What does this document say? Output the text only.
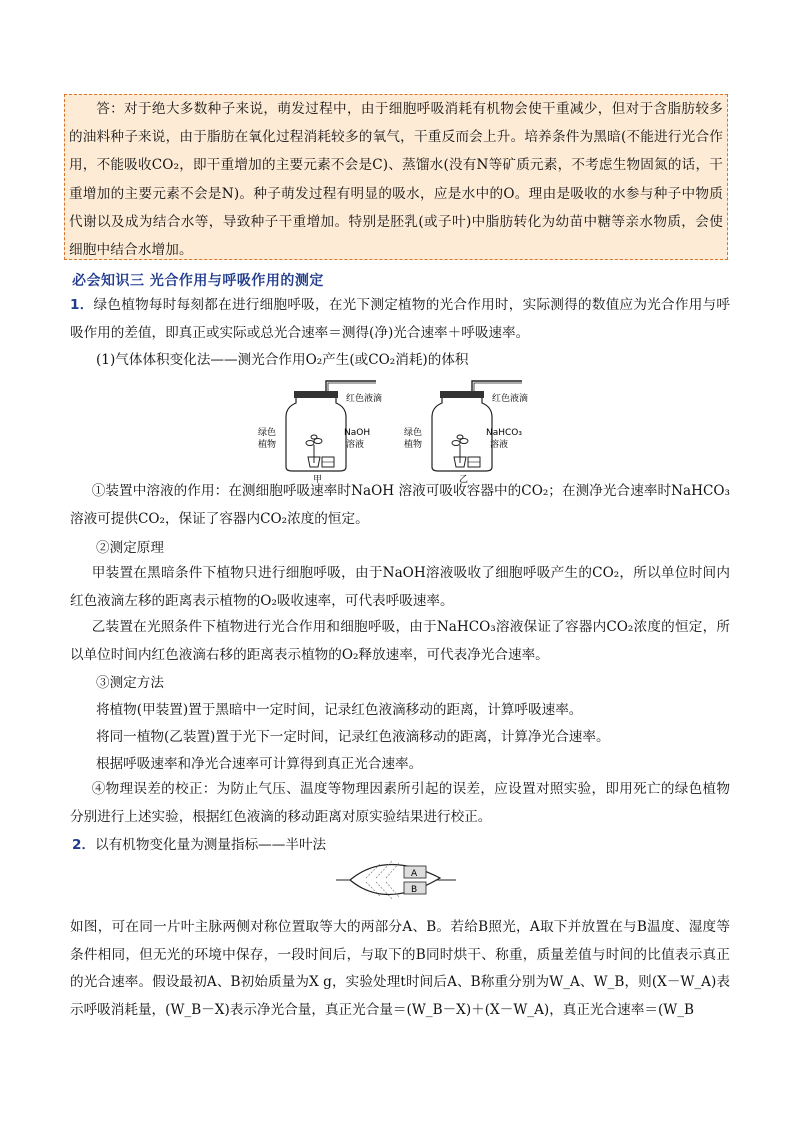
答：对于绝大多数种子来说，萌发过程中，由于细胞呼吸消耗有机物会使干重减少，但对于含脂肪较多的油料种子来说，由于脂肪在氧化过程消耗较多的氧气，干重反而会上升。培养条件为黑暗(不能进行光合作用，不能吸收CO₂，即干重增加的主要元素不会是C)、蒸馏水(没有N等矿质元素，不考虑生物固氮的话，干重增加的主要元素不会是N)。种子萌发过程有明显的吸水，应是水中的O。理由是吸收的水参与种子中物质代谢以及成为结合水等，导致种子干重增加。特别是胚乳(或子叶)中脂肪转化为幼苗中糖等亲水物质，会使细胞中结合水增加。

必会知识三 光合作用与呼吸作用的测定
1．绿色植物每时每刻都在进行细胞呼吸，在光下测定植物的光合作用时，实际测得的数值应为光合作用与呼吸作用的差值，即真正或实际或总光合速率＝测得(净)光合速率＋呼吸速率。
(1)气体体积变化法——测光合作用O₂产生(或CO₂消耗)的体积
红色液滴
绿色
植物
NaOH
溶液
甲
红色液滴
绿色
植物
NaHCO₃
溶液
乙
①装置中溶液的作用：在测细胞呼吸速率时NaOH 溶液可吸收容器中的CO₂；在测净光合速率时NaHCO₃溶液可提供CO₂，保证了容器内CO₂浓度的恒定。
②测定原理
甲装置在黑暗条件下植物只进行细胞呼吸，由于NaOH溶液吸收了细胞呼吸产生的CO₂，所以单位时间内红色液滴左移的距离表示植物的O₂吸收速率，可代表呼吸速率。
乙装置在光照条件下植物进行光合作用和细胞呼吸，由于NaHCO₃溶液保证了容器内CO₂浓度的恒定，所以单位时间内红色液滴右移的距离表示植物的O₂释放速率，可代表净光合速率。
③测定方法
将植物(甲装置)置于黑暗中一定时间，记录红色液滴移动的距离，计算呼吸速率。
将同一植物(乙装置)置于光下一定时间，记录红色液滴移动的距离，计算净光合速率。
根据呼吸速率和净光合速率可计算得到真正光合速率。
④物理误差的校正：为防止气压、温度等物理因素所引起的误差，应设置对照实验，即用死亡的绿色植物分别进行上述实验，根据红色液滴的移动距离对原实验结果进行校正。
2．以有机物变化量为测量指标——半叶法
A
B
如图，可在同一片叶主脉两侧对称位置取等大的两部分A、B。若给B照光，A取下并放置在与B温度、湿度等条件相同，但无光的环境中保存，一段时间后，与取下的B同时烘干、称重，质量差值与时间的比值表示真正的光合速率。假设最初A、B初始质量为X g，实验处理t时间后A、B称重分别为W_A、W_B，则(X－W_A)表示呼吸消耗量，(W_B－X)表示净光合量，真正光合量＝(W_B－X)＋(X－W_A)，真正光合速率＝(W_B
